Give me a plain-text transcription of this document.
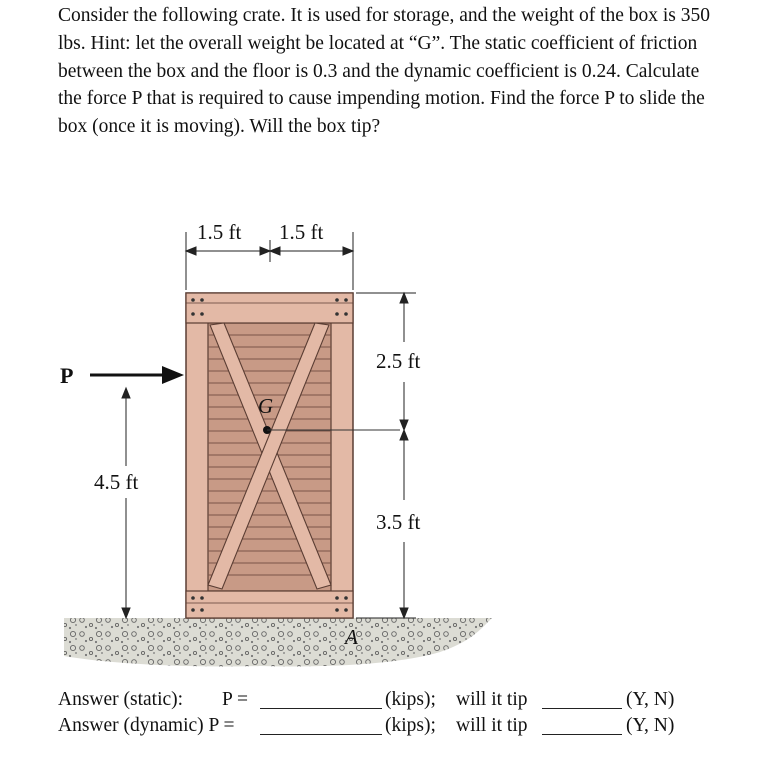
Consider the following crate. It is used for storage, and the weight of the box is 350 lbs. Hint: let the overall weight be located at “G”. The static coefficient of friction between the box and the floor is 0.3 and the dynamic coefficient is 0.24. Calculate the force P that is required to cause impending motion. Find the force P to slide the box (once it is moving). Will the box tip?

G
1.5 ft 1.5 ft
2.5 ft
3.5 ft
P
4.5 ft
A
Answer (static): P =	(kips); will it tip	(Y, N)
Answer (dynamic) P =	(kips); will it tip	(Y, N)
